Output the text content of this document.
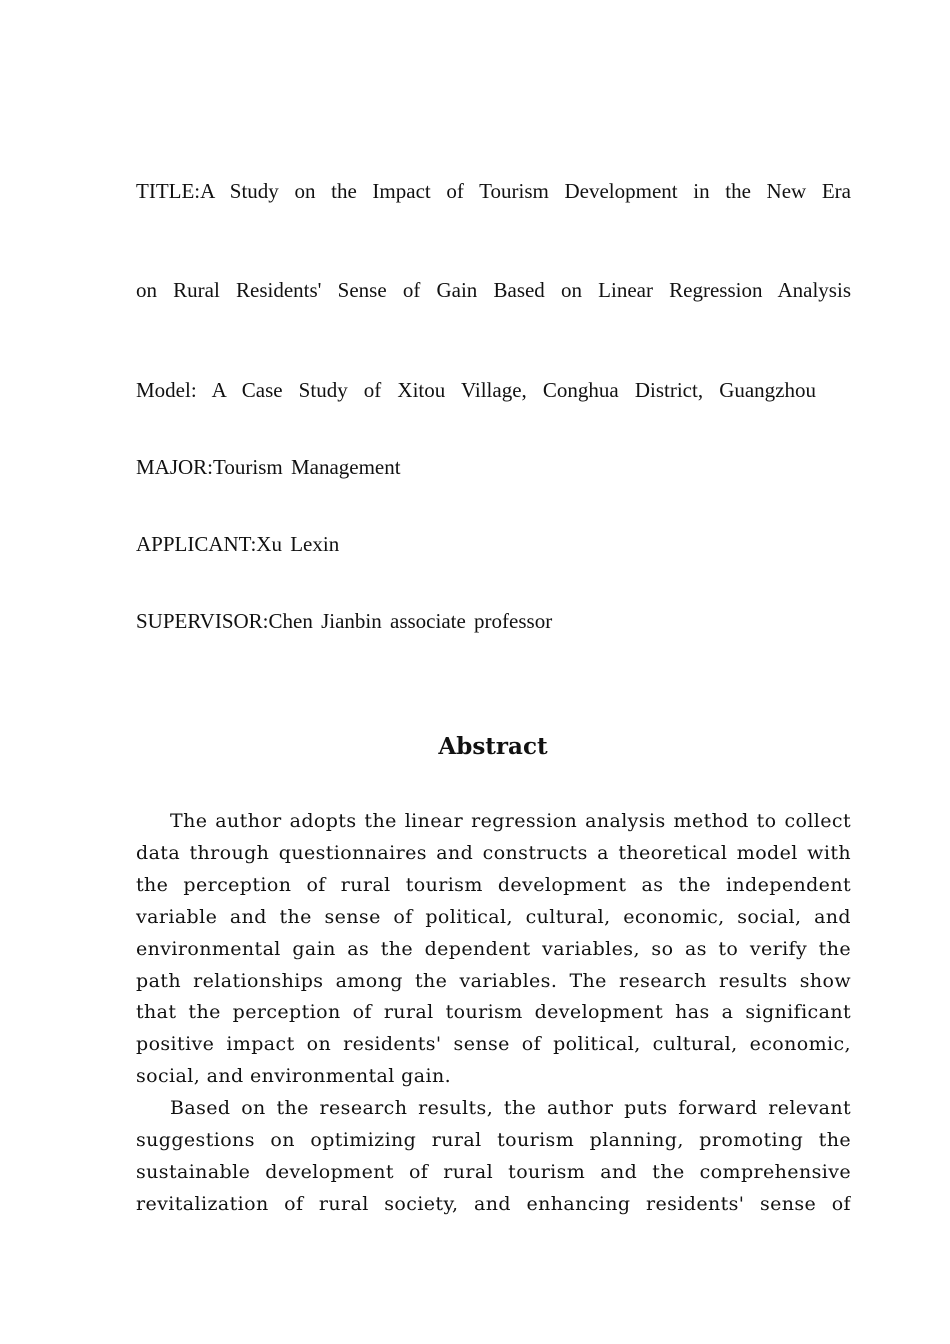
TITLE:A Study on the Impact of Tourism Development in the New Era
on Rural Residents' Sense of Gain Based on Linear Regression Analysis
Model: A Case Study of Xitou Village, Conghua District, Guangzhou
MAJOR:Tourism Management
APPLICANT:Xu Lexin
SUPERVISOR:Chen Jianbin associate professor
Abstract

The author adopts the linear regression analysis method to collect data through questionnaires and constructs a theoretical model with the perception of rural tourism development as the independent variable and the sense of political, cultural, economic, social, and environmental gain as the dependent variables, so as to verify the path relationships among the variables. The research results show that the perception of rural tourism development has a significant positive impact on residents' sense of political, cultural, economic, social, and environmental gain.

Based on the research results, the author puts forward relevant suggestions on optimizing rural tourism planning, promoting the sustainable development of rural tourism and the comprehensive revitalization of rural society, and enhancing residents' sense of
